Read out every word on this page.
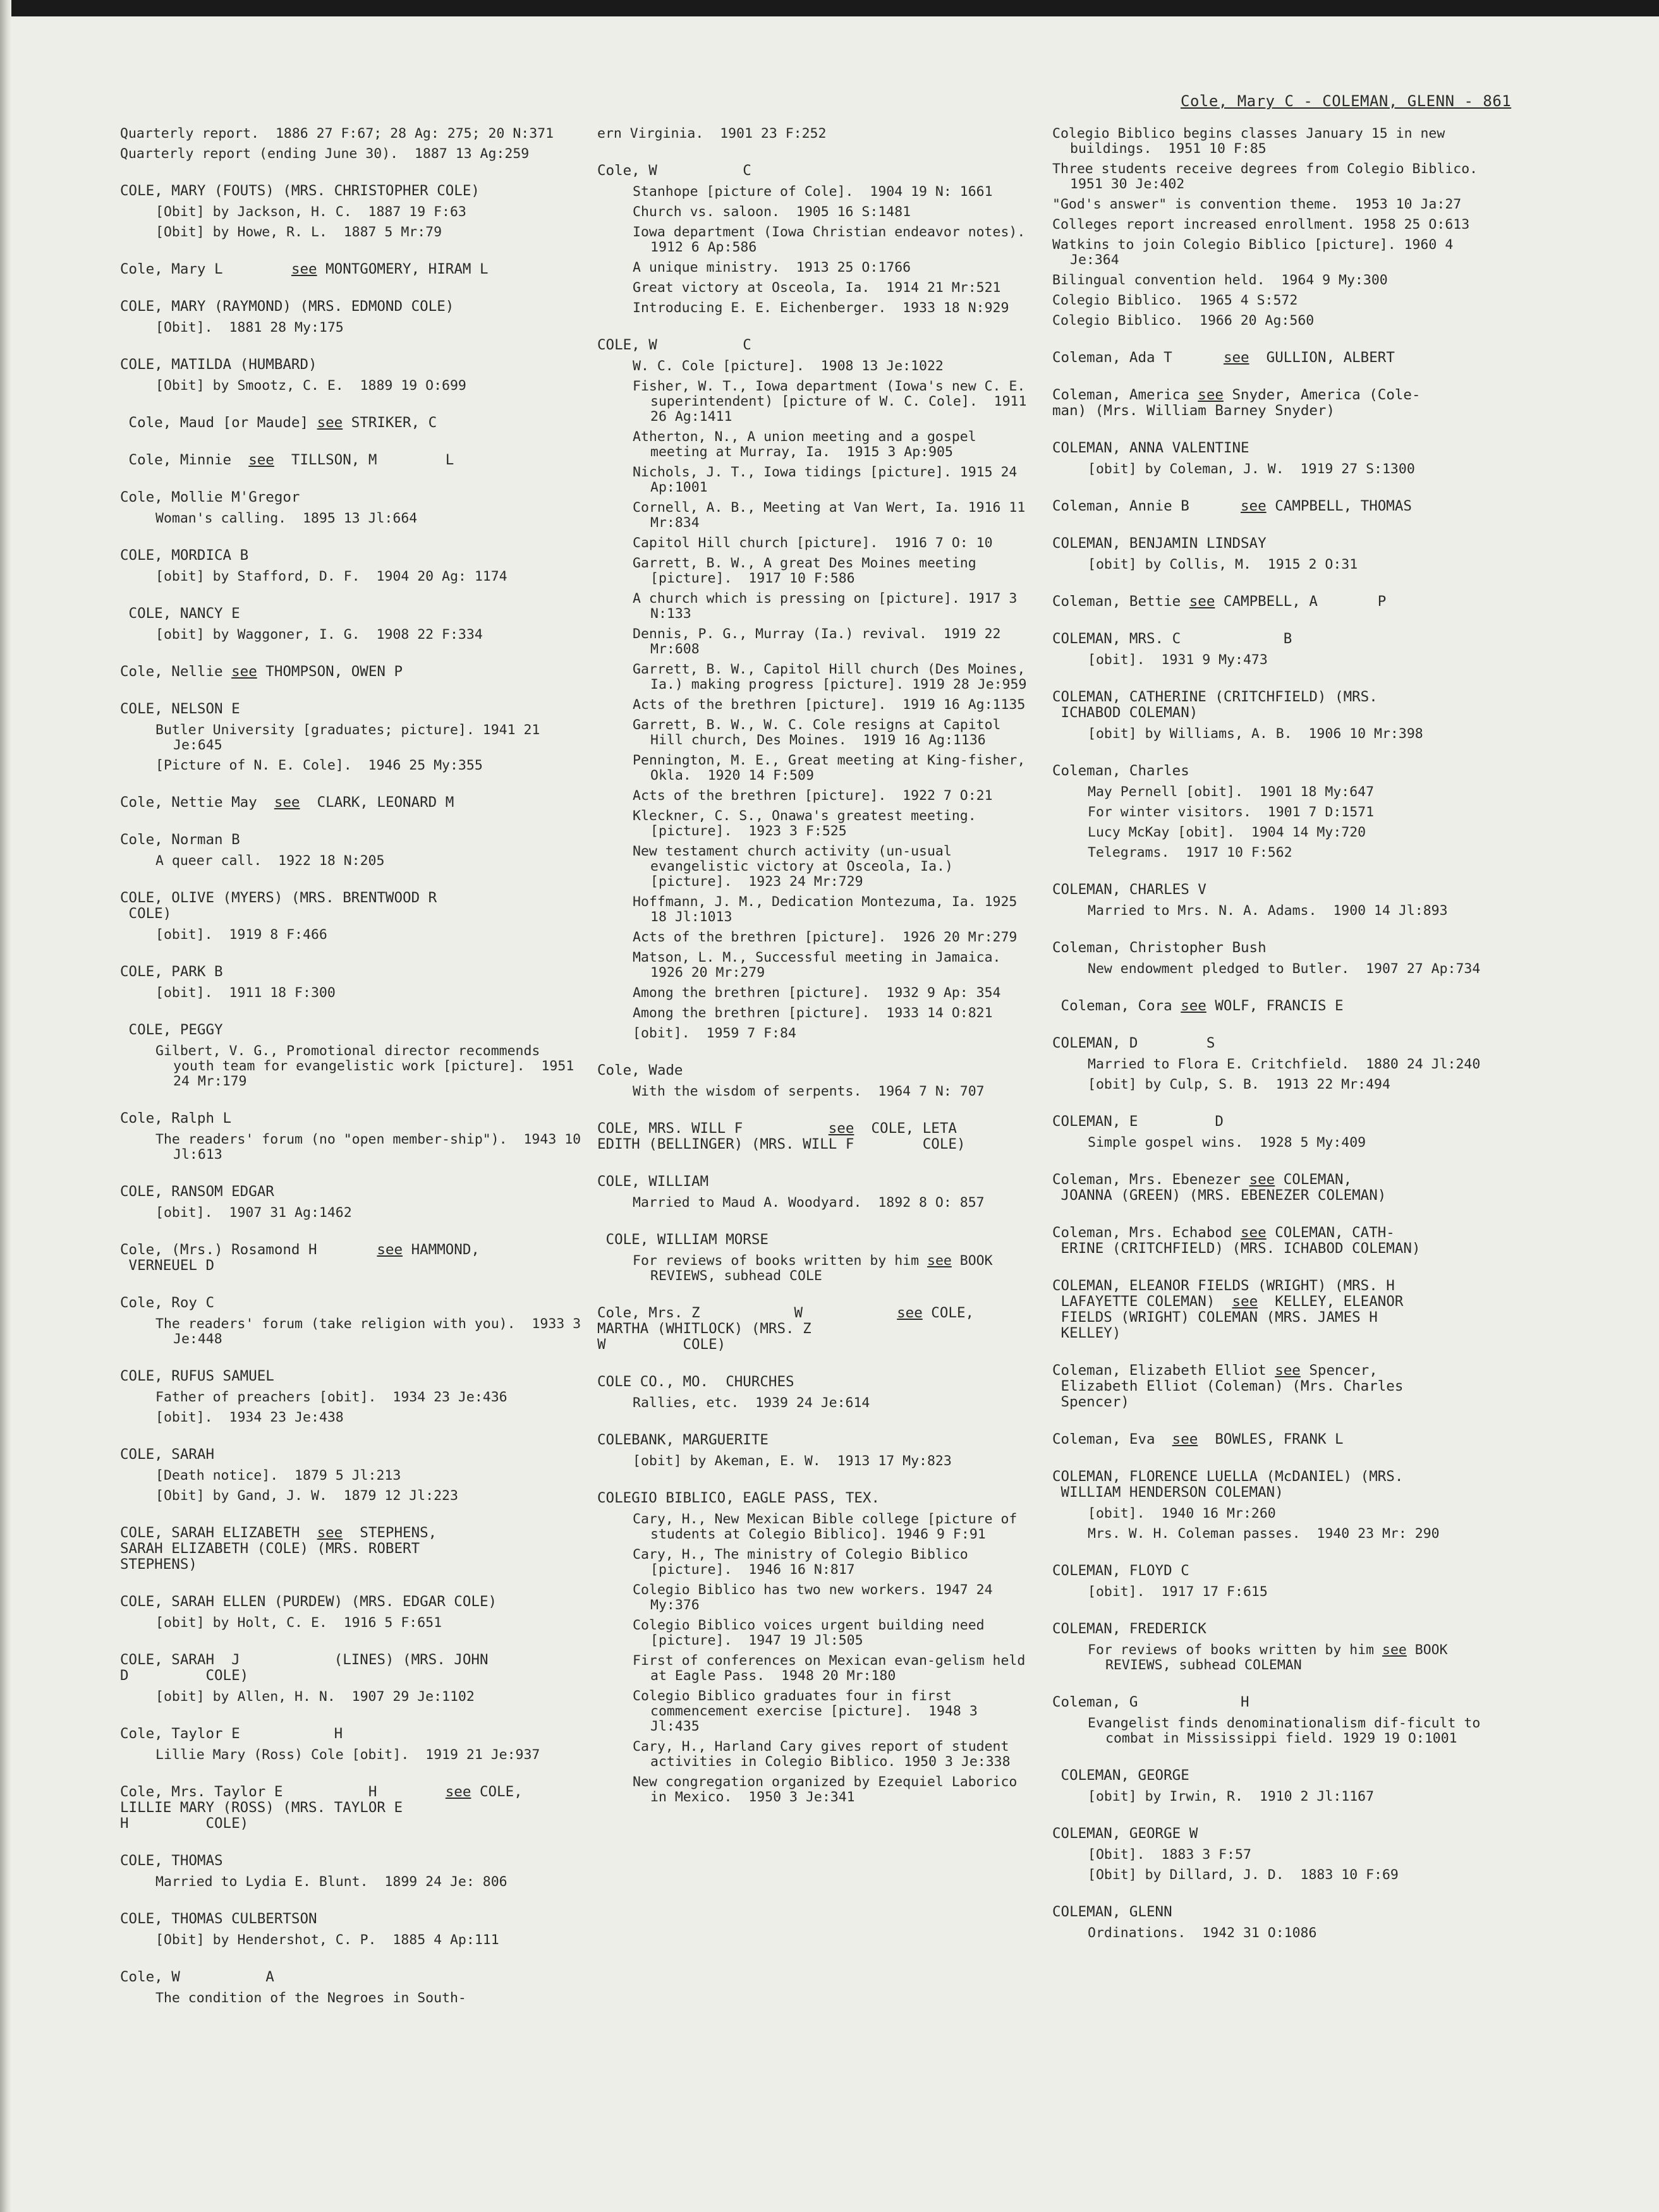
Cole, Mary C - COLEMAN, GLENN - 861
Quarterly report.  1886 27 F:67; 28 Ag: 275; 20 N:371
Quarterly report (ending June 30).  1887 13 Ag:259
COLE, MARY (FOUTS) (MRS. CHRISTOPHER COLE)
[Obit] by Jackson, H. C.  1887 19 F:63
[Obit] by Howe, R. L.  1887 5 Mr:79
Cole, Mary L        see MONTGOMERY, HIRAM L
COLE, MARY (RAYMOND) (MRS. EDMOND COLE)
[Obit].  1881 28 My:175
COLE, MATILDA (HUMBARD)
[Obit] by Smootz, C. E.  1889 19 O:699
Cole, Maud [or Maude] see STRIKER, C
Cole, Minnie  see  TILLSON, M        L
Cole, Mollie M'Gregor
Woman's calling.  1895 13 Jl:664
COLE, MORDICA B
[obit] by Stafford, D. F.  1904 20 Ag: 1174
COLE, NANCY E
[obit] by Waggoner, I. G.  1908 22 F:334
Cole, Nellie see THOMPSON, OWEN P
COLE, NELSON E
Butler University [graduates; picture]. 1941 21 Je:645
[Picture of N. E. Cole].  1946 25 My:355
Cole, Nettie May  see  CLARK, LEONARD M
Cole, Norman B
A queer call.  1922 18 N:205
COLE, OLIVE (MYERS) (MRS. BRENTWOOD R
COLE)
[obit].  1919 8 F:466
COLE, PARK B
[obit].  1911 18 F:300
COLE, PEGGY
Gilbert, V. G., Promotional director recommends youth team for evangelistic work [picture].  1951 24 Mr:179
Cole, Ralph L
The readers' forum (no "open member-ship").  1943 10 Jl:613
COLE, RANSOM EDGAR
[obit].  1907 31 Ag:1462
Cole, (Mrs.) Rosamond H       see HAMMOND,
VERNEUEL D
Cole, Roy C
The readers' forum (take religion with you).  1933 3 Je:448
COLE, RUFUS SAMUEL
Father of preachers [obit].  1934 23 Je:436
[obit].  1934 23 Je:438
COLE, SARAH
[Death notice].  1879 5 Jl:213
[Obit] by Gand, J. W.  1879 12 Jl:223
COLE, SARAH ELIZABETH  see  STEPHENS,
SARAH ELIZABETH (COLE) (MRS. ROBERT
STEPHENS)
COLE, SARAH ELLEN (PURDEW) (MRS. EDGAR COLE)
[obit] by Holt, C. E.  1916 5 F:651
COLE, SARAH  J           (LINES) (MRS. JOHN
D         COLE)
[obit] by Allen, H. N.  1907 29 Je:1102
Cole, Taylor E           H
Lillie Mary (Ross) Cole [obit].  1919 21 Je:937
Cole, Mrs. Taylor E          H        see COLE,
LILLIE MARY (ROSS) (MRS. TAYLOR E
H         COLE)
COLE, THOMAS
Married to Lydia E. Blunt.  1899 24 Je: 806
COLE, THOMAS CULBERTSON
[Obit] by Hendershot, C. P.  1885 4 Ap:111
Cole, W          A
The condition of the Negroes in South-
ern Virginia.  1901 23 F:252
Cole, W          C
Stanhope [picture of Cole].  1904 19 N: 1661
Church vs. saloon.  1905 16 S:1481
Iowa department (Iowa Christian endeavor notes).  1912 6 Ap:586
A unique ministry.  1913 25 O:1766
Great victory at Osceola, Ia.  1914 21 Mr:521
Introducing E. E. Eichenberger.  1933 18 N:929
COLE, W          C
W. C. Cole [picture].  1908 13 Je:1022
Fisher, W. T., Iowa department (Iowa's new C. E. superintendent) [picture of W. C. Cole].  1911 26 Ag:1411
Atherton, N., A union meeting and a gospel meeting at Murray, Ia.  1915 3 Ap:905
Nichols, J. T., Iowa tidings [picture]. 1915 24 Ap:1001
Cornell, A. B., Meeting at Van Wert, Ia. 1916 11 Mr:834
Capitol Hill church [picture].  1916 7 O: 10
Garrett, B. W., A great Des Moines meeting [picture].  1917 10 F:586
A church which is pressing on [picture]. 1917 3 N:133
Dennis, P. G., Murray (Ia.) revival.  1919 22 Mr:608
Garrett, B. W., Capitol Hill church (Des Moines, Ia.) making progress [picture]. 1919 28 Je:959
Acts of the brethren [picture].  1919 16 Ag:1135
Garrett, B. W., W. C. Cole resigns at Capitol Hill church, Des Moines.  1919 16 Ag:1136
Pennington, M. E., Great meeting at King-fisher, Okla.  1920 14 F:509
Acts of the brethren [picture].  1922 7 O:21
Kleckner, C. S., Onawa's greatest meeting. [picture].  1923 3 F:525
New testament church activity (un-usual evangelistic victory at Osceola, Ia.) [picture].  1923 24 Mr:729
Hoffmann, J. M., Dedication Montezuma, Ia. 1925 18 Jl:1013
Acts of the brethren [picture].  1926 20 Mr:279
Matson, L. M., Successful meeting in Jamaica.  1926 20 Mr:279
Among the brethren [picture].  1932 9 Ap: 354
Among the brethren [picture].  1933 14 O:821
[obit].  1959 7 F:84
Cole, Wade
With the wisdom of serpents.  1964 7 N: 707
COLE, MRS. WILL F          see  COLE, LETA
EDITH (BELLINGER) (MRS. WILL F        COLE)
COLE, WILLIAM
Married to Maud A. Woodyard.  1892 8 O: 857
COLE, WILLIAM MORSE
For reviews of books written by him see BOOK REVIEWS, subhead COLE
Cole, Mrs. Z           W           see COLE,
MARTHA (WHITLOCK) (MRS. Z
W         COLE)
COLE CO., MO.  CHURCHES
Rallies, etc.  1939 24 Je:614
COLEBANK, MARGUERITE
[obit] by Akeman, E. W.  1913 17 My:823
COLEGIO BIBLICO, EAGLE PASS, TEX.
Cary, H., New Mexican Bible college [picture of students at Colegio Biblico]. 1946 9 F:91
Cary, H., The ministry of Colegio Biblico [picture].  1946 16 N:817
Colegio Biblico has two new workers. 1947 24 My:376
Colegio Biblico voices urgent building need [picture].  1947 19 Jl:505
First of conferences on Mexican evan-gelism held at Eagle Pass.  1948 20 Mr:180
Colegio Biblico graduates four in first commencement exercise [picture].  1948 3 Jl:435
Cary, H., Harland Cary gives report of student activities in Colegio Biblico. 1950 3 Je:338
New congregation organized by Ezequiel Laborico in Mexico.  1950 3 Je:341
Colegio Biblico begins classes January 15 in new buildings.  1951 10 F:85
Three students receive degrees from Colegio Biblico.  1951 30 Je:402
"God's answer" is convention theme.  1953 10 Ja:27
Colleges report increased enrollment. 1958 25 O:613
Watkins to join Colegio Biblico [picture]. 1960 4 Je:364
Bilingual convention held.  1964 9 My:300
Colegio Biblico.  1965 4 S:572
Colegio Biblico.  1966 20 Ag:560
Coleman, Ada T      see  GULLION, ALBERT
Coleman, America see Snyder, America (Cole-
man) (Mrs. William Barney Snyder)
COLEMAN, ANNA VALENTINE
[obit] by Coleman, J. W.  1919 27 S:1300
Coleman, Annie B      see CAMPBELL, THOMAS
COLEMAN, BENJAMIN LINDSAY
[obit] by Collis, M.  1915 2 O:31
Coleman, Bettie see CAMPBELL, A       P
COLEMAN, MRS. C            B
[obit].  1931 9 My:473
COLEMAN, CATHERINE (CRITCHFIELD) (MRS.
ICHABOD COLEMAN)
[obit] by Williams, A. B.  1906 10 Mr:398
Coleman, Charles
May Pernell [obit].  1901 18 My:647
For winter visitors.  1901 7 D:1571
Lucy McKay [obit].  1904 14 My:720
Telegrams.  1917 10 F:562
COLEMAN, CHARLES V
Married to Mrs. N. A. Adams.  1900 14 Jl:893
Coleman, Christopher Bush
New endowment pledged to Butler.  1907 27 Ap:734
Coleman, Cora see WOLF, FRANCIS E
COLEMAN, D        S
Married to Flora E. Critchfield.  1880 24 Jl:240
[obit] by Culp, S. B.  1913 22 Mr:494
COLEMAN, E         D
Simple gospel wins.  1928 5 My:409
Coleman, Mrs. Ebenezer see COLEMAN,
JOANNA (GREEN) (MRS. EBENEZER COLEMAN)
Coleman, Mrs. Echabod see COLEMAN, CATH-
ERINE (CRITCHFIELD) (MRS. ICHABOD COLEMAN)
COLEMAN, ELEANOR FIELDS (WRIGHT) (MRS. H
LAFAYETTE COLEMAN)  see  KELLEY, ELEANOR
FIELDS (WRIGHT) COLEMAN (MRS. JAMES H
KELLEY)
Coleman, Elizabeth Elliot see Spencer,
Elizabeth Elliot (Coleman) (Mrs. Charles
Spencer)
Coleman, Eva  see  BOWLES, FRANK L
COLEMAN, FLORENCE LUELLA (McDANIEL) (MRS.
WILLIAM HENDERSON COLEMAN)
[obit].  1940 16 Mr:260
Mrs. W. H. Coleman passes.  1940 23 Mr: 290
COLEMAN, FLOYD C
[obit].  1917 17 F:615
COLEMAN, FREDERICK
For reviews of books written by him see BOOK REVIEWS, subhead COLEMAN
Coleman, G            H
Evangelist finds denominationalism dif-ficult to combat in Mississippi field. 1929 19 O:1001
COLEMAN, GEORGE
[obit] by Irwin, R.  1910 2 Jl:1167
COLEMAN, GEORGE W
[Obit].  1883 3 F:57
[Obit] by Dillard, J. D.  1883 10 F:69
COLEMAN, GLENN
Ordinations.  1942 31 O:1086
